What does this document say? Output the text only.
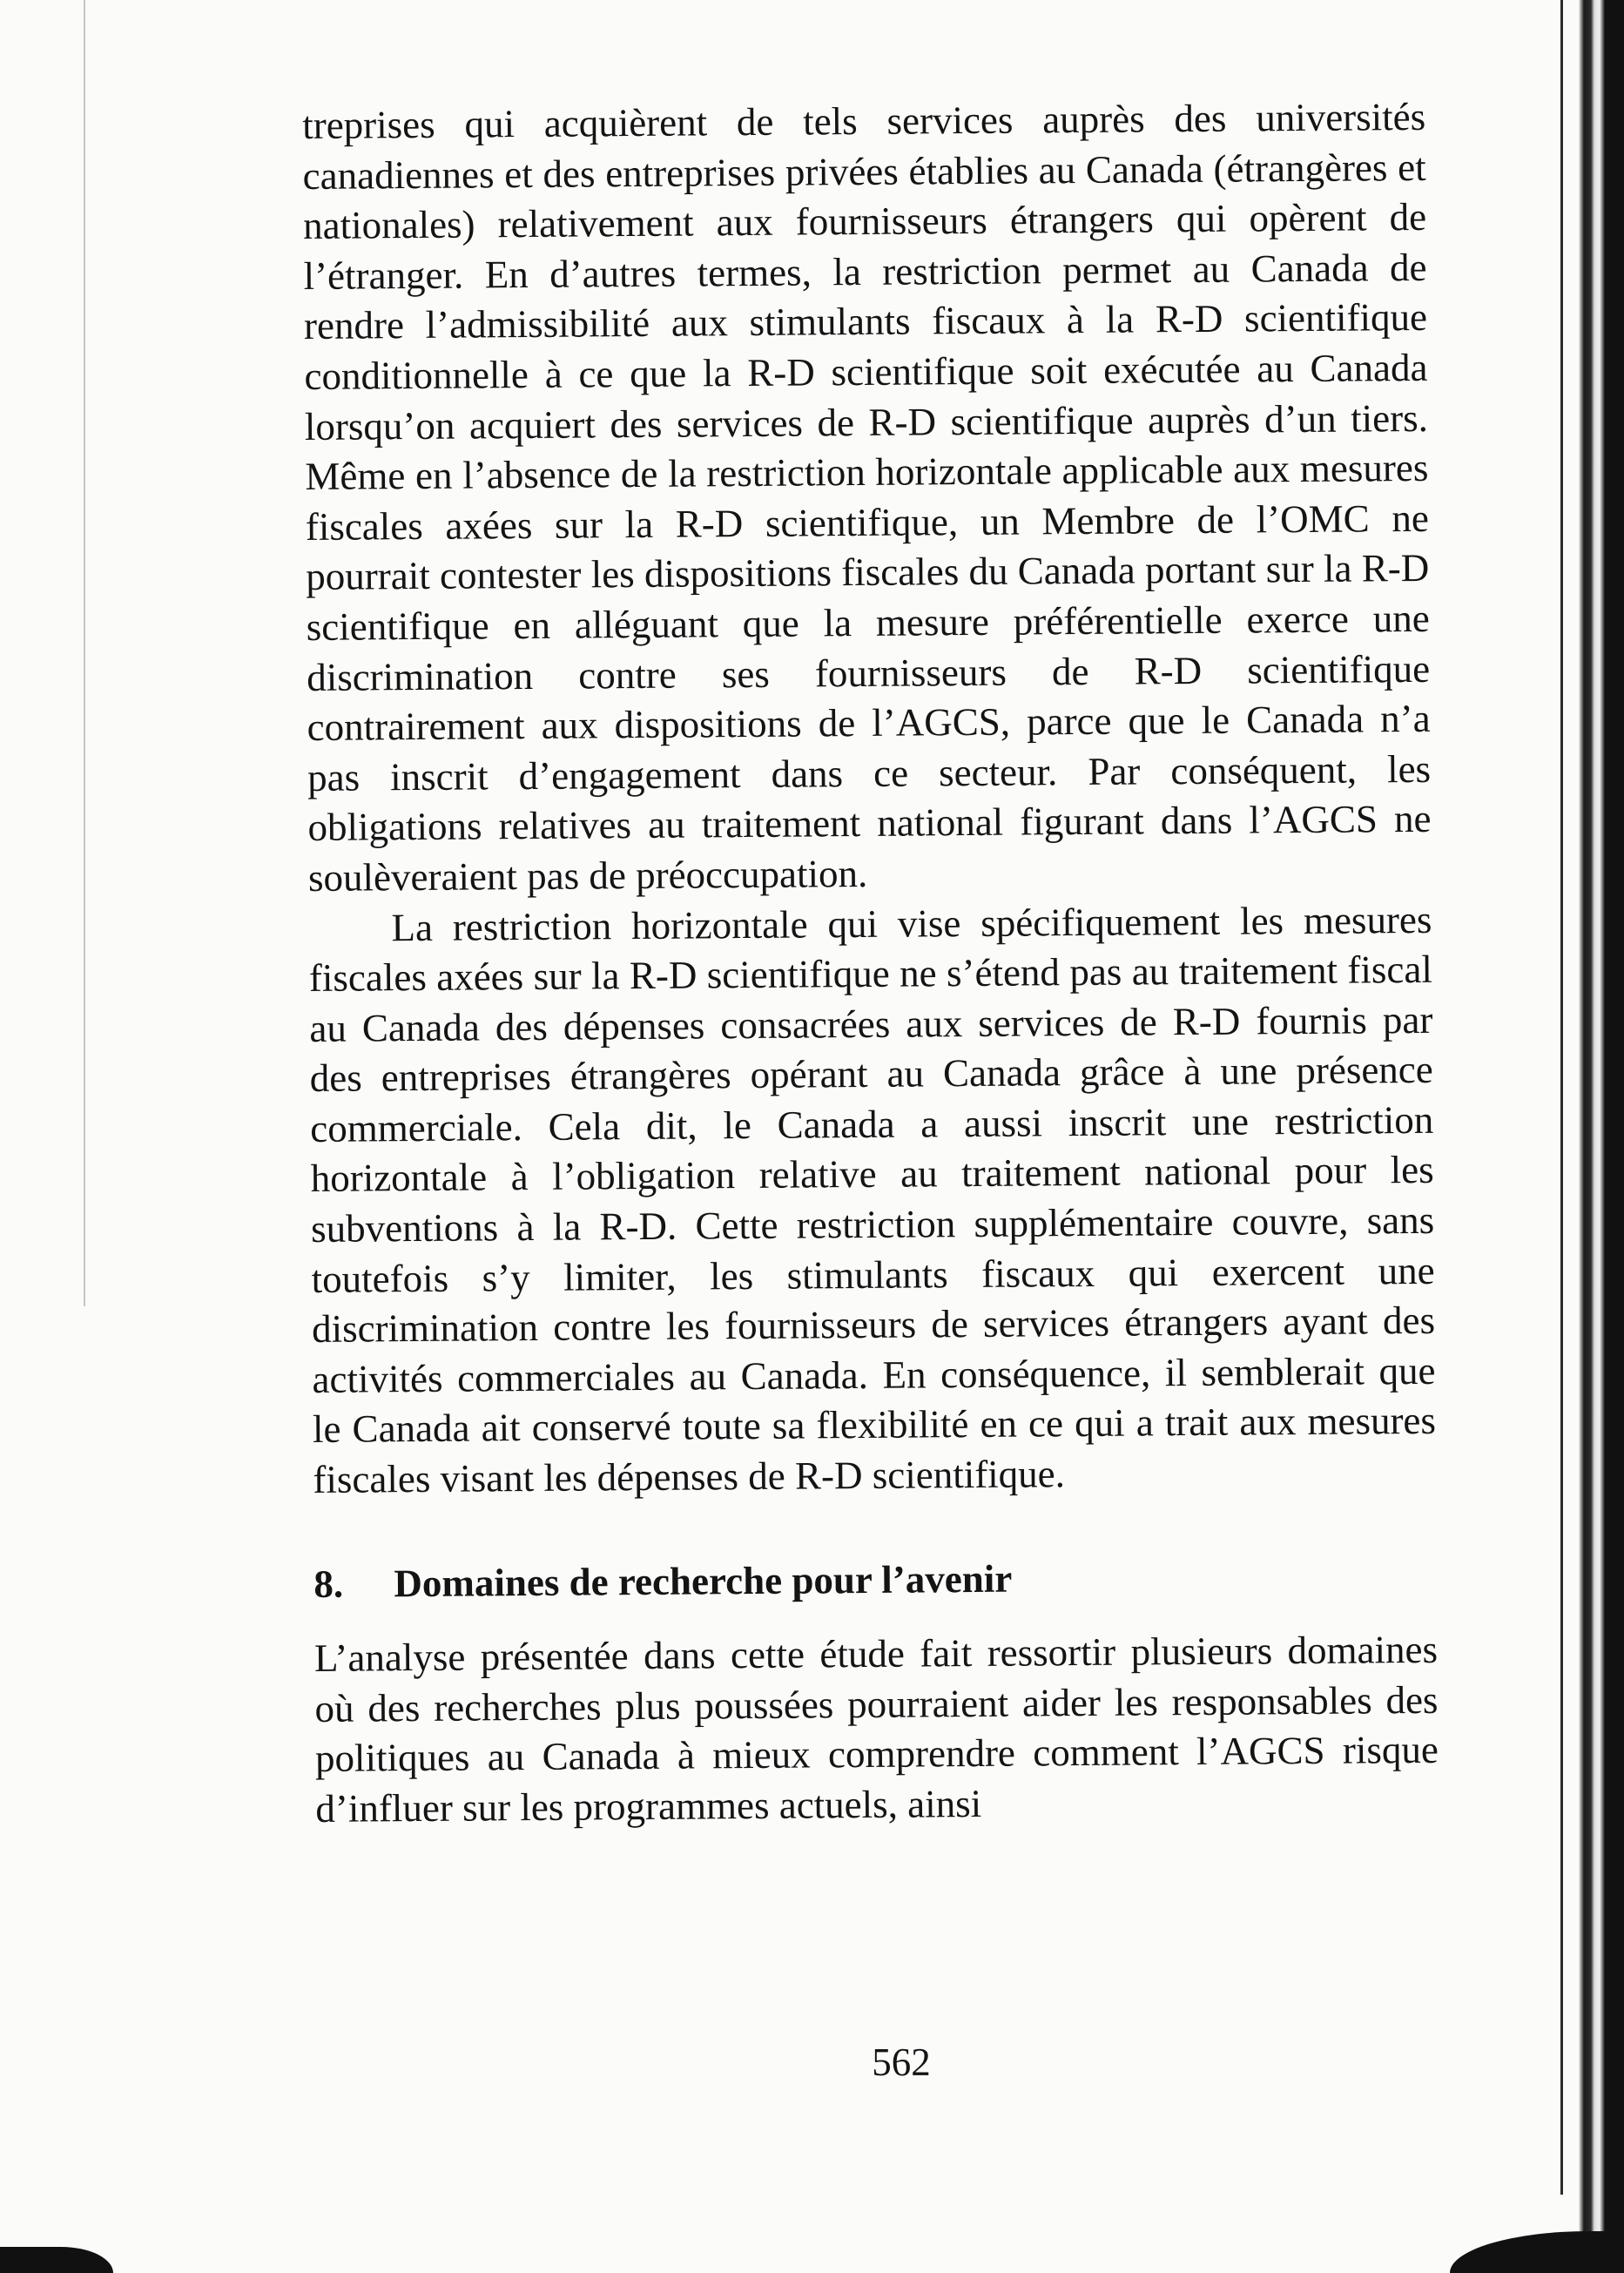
treprises qui acquièrent de tels services auprès des universités canadiennes et des entreprises privées établies au Canada (étrangères et nationales) relativement aux fournisseurs étrangers qui opèrent de l’étranger. En d’autres termes, la restriction permet au Canada de rendre l’admissibilité aux stimulants fiscaux à la R-D scientifique conditionnelle à ce que la R-D scientifique soit exécutée au Canada lorsqu’on acquiert des services de R-D scientifique auprès d’un tiers. Même en l’absence de la restriction horizontale applicable aux mesures fiscales axées sur la R-D scientifique, un Membre de l’OMC ne pourrait contester les dispositions fiscales du Canada portant sur la R-D scientifique en alléguant que la mesure préférentielle exerce une discrimination contre ses fournisseurs de R-D scientifique contrairement aux dispositions de l’AGCS, parce que le Canada n’a pas inscrit d’engagement dans ce secteur. Par conséquent, les obligations relatives au traitement national figurant dans l’AGCS ne soulèveraient pas de préoccupation.

La restriction horizontale qui vise spécifiquement les mesures fiscales axées sur la R-D scientifique ne s’étend pas au traitement fiscal au Canada des dépenses consacrées aux services de R-D fournis par des entreprises étrangères opérant au Canada grâce à une présence commerciale. Cela dit, le Canada a aussi inscrit une restriction horizontale à l’obligation relative au traitement national pour les subventions à la R-D. Cette restriction supplémentaire couvre, sans toutefois s’y limiter, les stimulants fiscaux qui exercent une discrimination contre les fournisseurs de services étrangers ayant des activités commerciales au Canada. En conséquence, il semblerait que le Canada ait conservé toute sa flexibilité en ce qui a trait aux mesures fiscales visant les dépenses de R-D scientifique.

8.	Domaines de recherche pour l’avenir

L’analyse présentée dans cette étude fait ressortir plusieurs domaines où des recherches plus poussées pourraient aider les responsables des politiques au Canada à mieux comprendre comment l’AGCS risque d’influer sur les programmes actuels, ainsi

562
